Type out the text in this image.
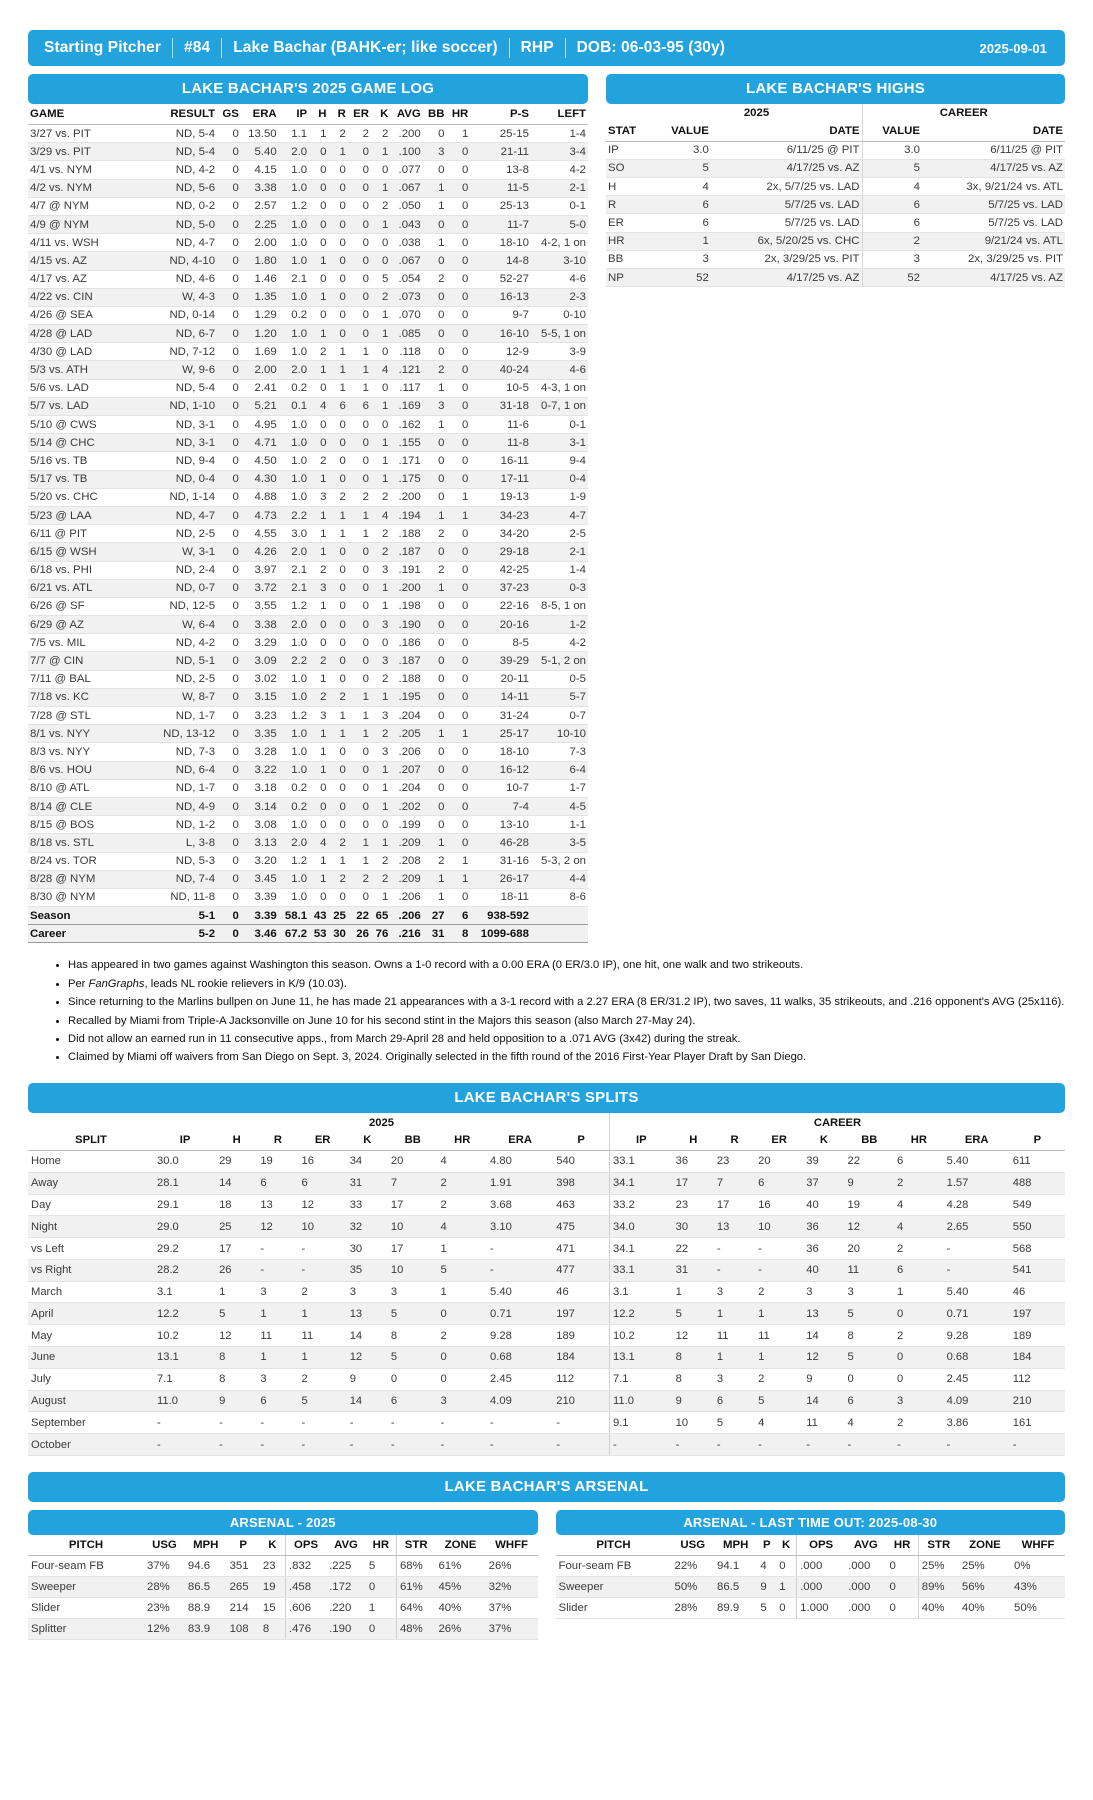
Starting Pitcher	#84	Lake Bachar (BAHK-er; like soccer)	RHP	DOB: 06-03-95 (30y)	2025-09-01
LAKE BACHAR'S 2025 GAME LOG
GAME	RESULT	GS	ERA	IP	H	R	ER	K	AVG	BB	HR	P-S	LEFT
3/27 vs. PIT	ND, 5-4	0	13.50	1.1	1	2	2	2	.200	0	1	25-15	1-4
3/29 vs. PIT	ND, 5-4	0	5.40	2.0	0	1	0	1	.100	3	0	21-11	3-4
4/1 vs. NYM	ND, 4-2	0	4.15	1.0	0	0	0	0	.077	0	0	13-8	4-2
4/2 vs. NYM	ND, 5-6	0	3.38	1.0	0	0	0	1	.067	1	0	11-5	2-1
4/7 @ NYM	ND, 0-2	0	2.57	1.2	0	0	0	2	.050	1	0	25-13	0-1
4/9 @ NYM	ND, 5-0	0	2.25	1.0	0	0	0	1	.043	0	0	11-7	5-0
4/11 vs. WSH	ND, 4-7	0	2.00	1.0	0	0	0	0	.038	1	0	18-10	4-2, 1 on
4/15 vs. AZ	ND, 4-10	0	1.80	1.0	1	0	0	0	.067	0	0	14-8	3-10
4/17 vs. AZ	ND, 4-6	0	1.46	2.1	0	0	0	5	.054	2	0	52-27	4-6
4/22 vs. CIN	W, 4-3	0	1.35	1.0	1	0	0	2	.073	0	0	16-13	2-3
4/26 @ SEA	ND, 0-14	0	1.29	0.2	0	0	0	1	.070	0	0	9-7	0-10
4/28 @ LAD	ND, 6-7	0	1.20	1.0	1	0	0	1	.085	0	0	16-10	5-5, 1 on
4/30 @ LAD	ND, 7-12	0	1.69	1.0	2	1	1	0	.118	0	0	12-9	3-9
5/3 vs. ATH	W, 9-6	0	2.00	2.0	1	1	1	4	.121	2	0	40-24	4-6
5/6 vs. LAD	ND, 5-4	0	2.41	0.2	0	1	1	0	.117	1	0	10-5	4-3, 1 on
5/7 vs. LAD	ND, 1-10	0	5.21	0.1	4	6	6	1	.169	3	0	31-18	0-7, 1 on
5/10 @ CWS	ND, 3-1	0	4.95	1.0	0	0	0	0	.162	1	0	11-6	0-1
5/14 @ CHC	ND, 3-1	0	4.71	1.0	0	0	0	1	.155	0	0	11-8	3-1
5/16 vs. TB	ND, 9-4	0	4.50	1.0	2	0	0	1	.171	0	0	16-11	9-4
5/17 vs. TB	ND, 0-4	0	4.30	1.0	1	0	0	1	.175	0	0	17-11	0-4
5/20 vs. CHC	ND, 1-14	0	4.88	1.0	3	2	2	2	.200	0	1	19-13	1-9
5/23 @ LAA	ND, 4-7	0	4.73	2.2	1	1	1	4	.194	1	1	34-23	4-7
6/11 @ PIT	ND, 2-5	0	4.55	3.0	1	1	1	2	.188	2	0	34-20	2-5
6/15 @ WSH	W, 3-1	0	4.26	2.0	1	0	0	2	.187	0	0	29-18	2-1
6/18 vs. PHI	ND, 2-4	0	3.97	2.1	2	0	0	3	.191	2	0	42-25	1-4
6/21 vs. ATL	ND, 0-7	0	3.72	2.1	3	0	0	1	.200	1	0	37-23	0-3
6/26 @ SF	ND, 12-5	0	3.55	1.2	1	0	0	1	.198	0	0	22-16	8-5, 1 on
6/29 @ AZ	W, 6-4	0	3.38	2.0	0	0	0	3	.190	0	0	20-16	1-2
7/5 vs. MIL	ND, 4-2	0	3.29	1.0	0	0	0	0	.186	0	0	8-5	4-2
7/7 @ CIN	ND, 5-1	0	3.09	2.2	2	0	0	3	.187	0	0	39-29	5-1, 2 on
7/11 @ BAL	ND, 2-5	0	3.02	1.0	1	0	0	2	.188	0	0	20-11	0-5
7/18 vs. KC	W, 8-7	0	3.15	1.0	2	2	1	1	.195	0	0	14-11	5-7
7/28 @ STL	ND, 1-7	0	3.23	1.2	3	1	1	3	.204	0	0	31-24	0-7
8/1 vs. NYY	ND, 13-12	0	3.35	1.0	1	1	1	2	.205	1	1	25-17	10-10
8/3 vs. NYY	ND, 7-3	0	3.28	1.0	1	0	0	3	.206	0	0	18-10	7-3
8/6 vs. HOU	ND, 6-4	0	3.22	1.0	1	0	0	1	.207	0	0	16-12	6-4
8/10 @ ATL	ND, 1-7	0	3.18	0.2	0	0	0	1	.204	0	0	10-7	1-7
8/14 @ CLE	ND, 4-9	0	3.14	0.2	0	0	0	1	.202	0	0	7-4	4-5
8/15 @ BOS	ND, 1-2	0	3.08	1.0	0	0	0	0	.199	0	0	13-10	1-1
8/18 vs. STL	L, 3-8	0	3.13	2.0	4	2	1	1	.209	1	0	46-28	3-5
8/24 vs. TOR	ND, 5-3	0	3.20	1.2	1	1	1	2	.208	2	1	31-16	5-3, 2 on
8/28 @ NYM	ND, 7-4	0	3.45	1.0	1	2	2	2	.209	1	1	26-17	4-4
8/30 @ NYM	ND, 11-8	0	3.39	1.0	0	0	0	1	.206	1	0	18-11	8-6
Season	5-1	0	3.39	58.1	43	25	22	65	.206	27	6	938-592	
Career	5-2	0	3.46	67.2	53	30	26	76	.216	31	8	1099-688	
LAKE BACHAR'S HIGHS
	2025		CAREER	
STAT	VALUE	DATE	VALUE	DATE
IP	3.0	6/11/25 @ PIT	3.0	6/11/25 @ PIT
SO	5	4/17/25 vs. AZ	5	4/17/25 vs. AZ
H	4	2x, 5/7/25 vs. LAD	4	3x, 9/21/24 vs. ATL
R	6	5/7/25 vs. LAD	6	5/7/25 vs. LAD
ER	6	5/7/25 vs. LAD	6	5/7/25 vs. LAD
HR	1	6x, 5/20/25 vs. CHC	2	9/21/24 vs. ATL
BB	3	2x, 3/29/25 vs. PIT	3	2x, 3/29/25 vs. PIT
NP	52	4/17/25 vs. AZ	52	4/17/25 vs. AZ
• Has appeared in two games against Washington this season. Owns a 1-0 record with a 0.00 ERA (0 ER/3.0 IP), one hit, one walk and two strikeouts.
• Per FanGraphs, leads NL rookie relievers in K/9 (10.03).
• Since returning to the Marlins bullpen on June 11, he has made 21 appearances with a 3-1 record with a 2.27 ERA (8 ER/31.2 IP), two saves, 11 walks, 35 strikeouts, and .216 opponent's AVG (25x116).
• Recalled by Miami from Triple-A Jacksonville on June 10 for his second stint in the Majors this season (also March 27-May 24).
• Did not allow an earned run in 11 consecutive apps., from March 29-April 28 and held opposition to a .071 AVG (3x42) during the streak.
• Claimed by Miami off waivers from San Diego on Sept. 3, 2024. Originally selected in the fifth round of the 2016 First-Year Player Draft by San Diego.
LAKE BACHAR'S SPLITS
	2025									CAREER								
SPLIT	IP	H	R	ER	K	BB	HR	ERA	P	IP	H	R	ER	K	BB	HR	ERA	P
Home	30.0	29	19	16	34	20	4	4.80	540	33.1	36	23	20	39	22	6	5.40	611
Away	28.1	14	6	6	31	7	2	1.91	398	34.1	17	7	6	37	9	2	1.57	488
Day	29.1	18	13	12	33	17	2	3.68	463	33.2	23	17	16	40	19	4	4.28	549
Night	29.0	25	12	10	32	10	4	3.10	475	34.0	30	13	10	36	12	4	2.65	550
vs Left	29.2	17	-	-	30	17	1	-	471	34.1	22	-	-	36	20	2	-	568
vs Right	28.2	26	-	-	35	10	5	-	477	33.1	31	-	-	40	11	6	-	541
March	3.1	1	3	2	3	3	1	5.40	46	3.1	1	3	2	3	3	1	5.40	46
April	12.2	5	1	1	13	5	0	0.71	197	12.2	5	1	1	13	5	0	0.71	197
May	10.2	12	11	11	14	8	2	9.28	189	10.2	12	11	11	14	8	2	9.28	189
June	13.1	8	1	1	12	5	0	0.68	184	13.1	8	1	1	12	5	0	0.68	184
July	7.1	8	3	2	9	0	0	2.45	112	7.1	8	3	2	9	0	0	2.45	112
August	11.0	9	6	5	14	6	3	4.09	210	11.0	9	6	5	14	6	3	4.09	210
September	-	-	-	-	-	-	-	-	-	9.1	10	5	4	11	4	2	3.86	161
October	-	-	-	-	-	-	-	-	-	-	-	-	-	-	-	-	-	-
LAKE BACHAR'S ARSENAL
ARSENAL - 2025
PITCH	USG	MPH	P	K	OPS	AVG	HR	STR	ZONE	WHFF
Four-seam FB	37%	94.6	351	23	.832	.225	5	68%	61%	26%
Sweeper	28%	86.5	265	19	.458	.172	0	61%	45%	32%
Slider	23%	88.9	214	15	.606	.220	1	64%	40%	37%
Splitter	12%	83.9	108	8	.476	.190	0	48%	26%	37%
ARSENAL - LAST TIME OUT: 2025-08-30
PITCH	USG	MPH	P	K	OPS	AVG	HR	STR	ZONE	WHFF
Four-seam FB	22%	94.1	4	0	.000	.000	0	25%	25%	0%
Sweeper	50%	86.5	9	1	.000	.000	0	89%	56%	43%
Slider	28%	89.9	5	0	1.000	.000	0	40%	40%	50%
